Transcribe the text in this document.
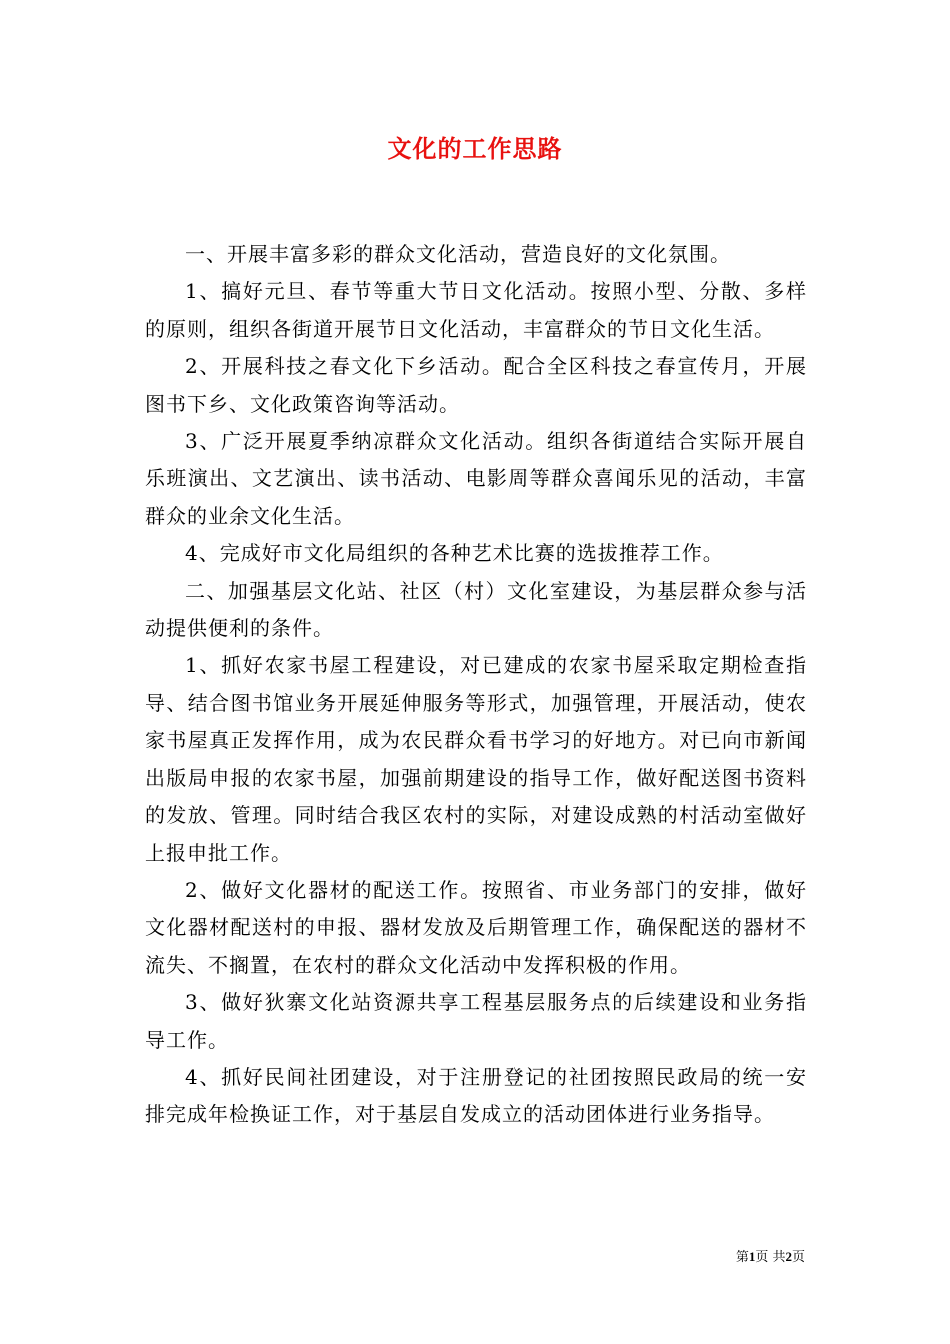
文化的工作思路

一、开展丰富多彩的群众文化活动，营造良好的文化氛围。

1、搞好元旦、春节等重大节日文化活动。按照小型、分散、多样的原则，组织各街道开展节日文化活动，丰富群众的节日文化生活。

2、开展科技之春文化下乡活动。配合全区科技之春宣传月，开展图书下乡、文化政策咨询等活动。

3、广泛开展夏季纳凉群众文化活动。组织各街道结合实际开展自乐班演出、文艺演出、读书活动、电影周等群众喜闻乐见的活动，丰富群众的业余文化生活。

4、完成好市文化局组织的各种艺术比赛的选拔推荐工作。

二、加强基层文化站、社区（村）文化室建设，为基层群众参与活动提供便利的条件。

1、抓好农家书屋工程建设，对已建成的农家书屋采取定期检查指导、结合图书馆业务开展延伸服务等形式，加强管理，开展活动，使农家书屋真正发挥作用，成为农民群众看书学习的好地方。对已向市新闻出版局申报的农家书屋，加强前期建设的指导工作，做好配送图书资料的发放、管理。同时结合我区农村的实际，对建设成熟的村活动室做好上报申批工作。

2、做好文化器材的配送工作。按照省、市业务部门的安排，做好文化器材配送村的申报、器材发放及后期管理工作，确保配送的器材不流失、不搁置，在农村的群众文化活动中发挥积极的作用。

3、做好狄寨文化站资源共享工程基层服务点的后续建设和业务指导工作。

4、抓好民间社团建设，对于注册登记的社团按照民政局的统一安排完成年检换证工作，对于基层自发成立的活动团体进行业务指导。

第1页 共2页
